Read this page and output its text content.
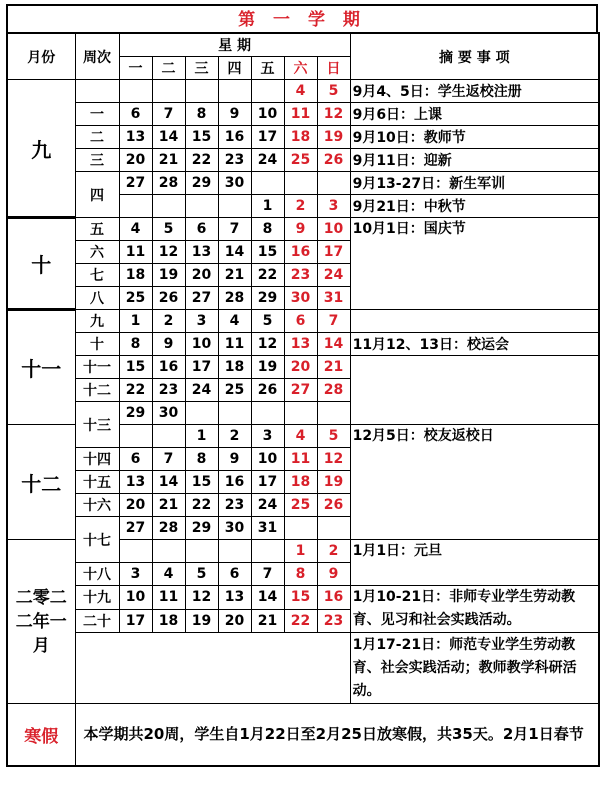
第 一 学 期
月份	周次	星 期							摘 要 事 项
		一	二	三	四	五	六	日	
九							4	5	9月4、5日：学生返校注册
	一	6	7	8	9	10	11	12	9月6日：上课
	二	13	14	15	16	17	18	19	9月10日：教师节
	三	20	21	22	23	24	25	26	9月11日：迎新
	四	27	28	29	30				9月13-27日：新生军训
						1	2	3	9月21日：中秋节
十	五	4	5	6	7	8	9	10	10月1日：国庆节
	六	11	12	13	14	15	16	17	
	七	18	19	20	21	22	23	24	
	八	25	26	27	28	29	30	31	
十一	九	1	2	3	4	5	6	7	
	十	8	9	10	11	12	13	14	11月12、13日：校运会
	十一	15	16	17	18	19	20	21	
	十二	22	23	24	25	26	27	28	
	十三	29	30						
十二				1	2	3	4	5	12月5日：校友返校日
	十四	6	7	8	9	10	11	12	
	十五	13	14	15	16	17	18	19	
	十六	20	21	22	23	24	25	26	
	十七	27	28	29	30	31			
二零二二年一月							1	2	1月1日：元旦
	十八	3	4	5	6	7	8	9	
	十九	10	11	12	13	14	15	16	1月10-21日：非师专业学生劳动教育、见习和社会实践活动。
	二十	17	18	19	20	21	22	23	
									1月17-21日：师范专业学生劳动教育、社会实践活动；教师教学科研活动。
寒假	本学期共20周，学生自1月22日至2月25日放寒假，共35天。2月1日春节								
